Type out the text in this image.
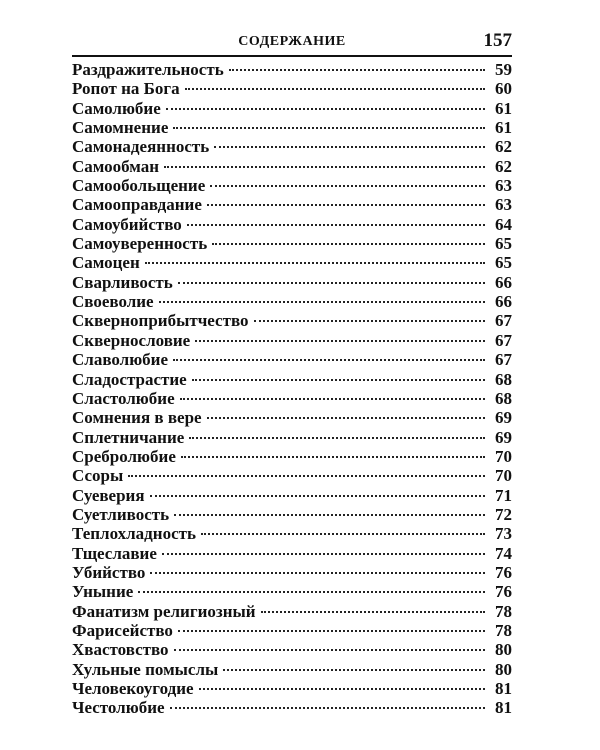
СОДЕРЖАНИЕ	157
Раздражительность	59
Ропот на Бога	60
Самолюбие	61
Самомнение	61
Самонадеянность	62
Самообман	62
Самообольщение	63
Самооправдание	63
Самоубийство	64
Самоуверенность	65
Самоцен	65
Сварливость	66
Своеволие	66
Сквернoприбытчество	67
Сквернословие	67
Славолюбие	67
Сладострастие	68
Сластолюбие	68
Сомнения в вере	69
Сплетничание	69
Сребролюбие	70
Ссоры	70
Суеверия	71
Суетливость	72
Теплохладность	73
Тщеславие	74
Убийство	76
Уныние	76
Фанатизм религиозный	78
Фарисейство	78
Хвастовство	80
Хульные помыслы	80
Человекоугодие	81
Честолюбие	81
